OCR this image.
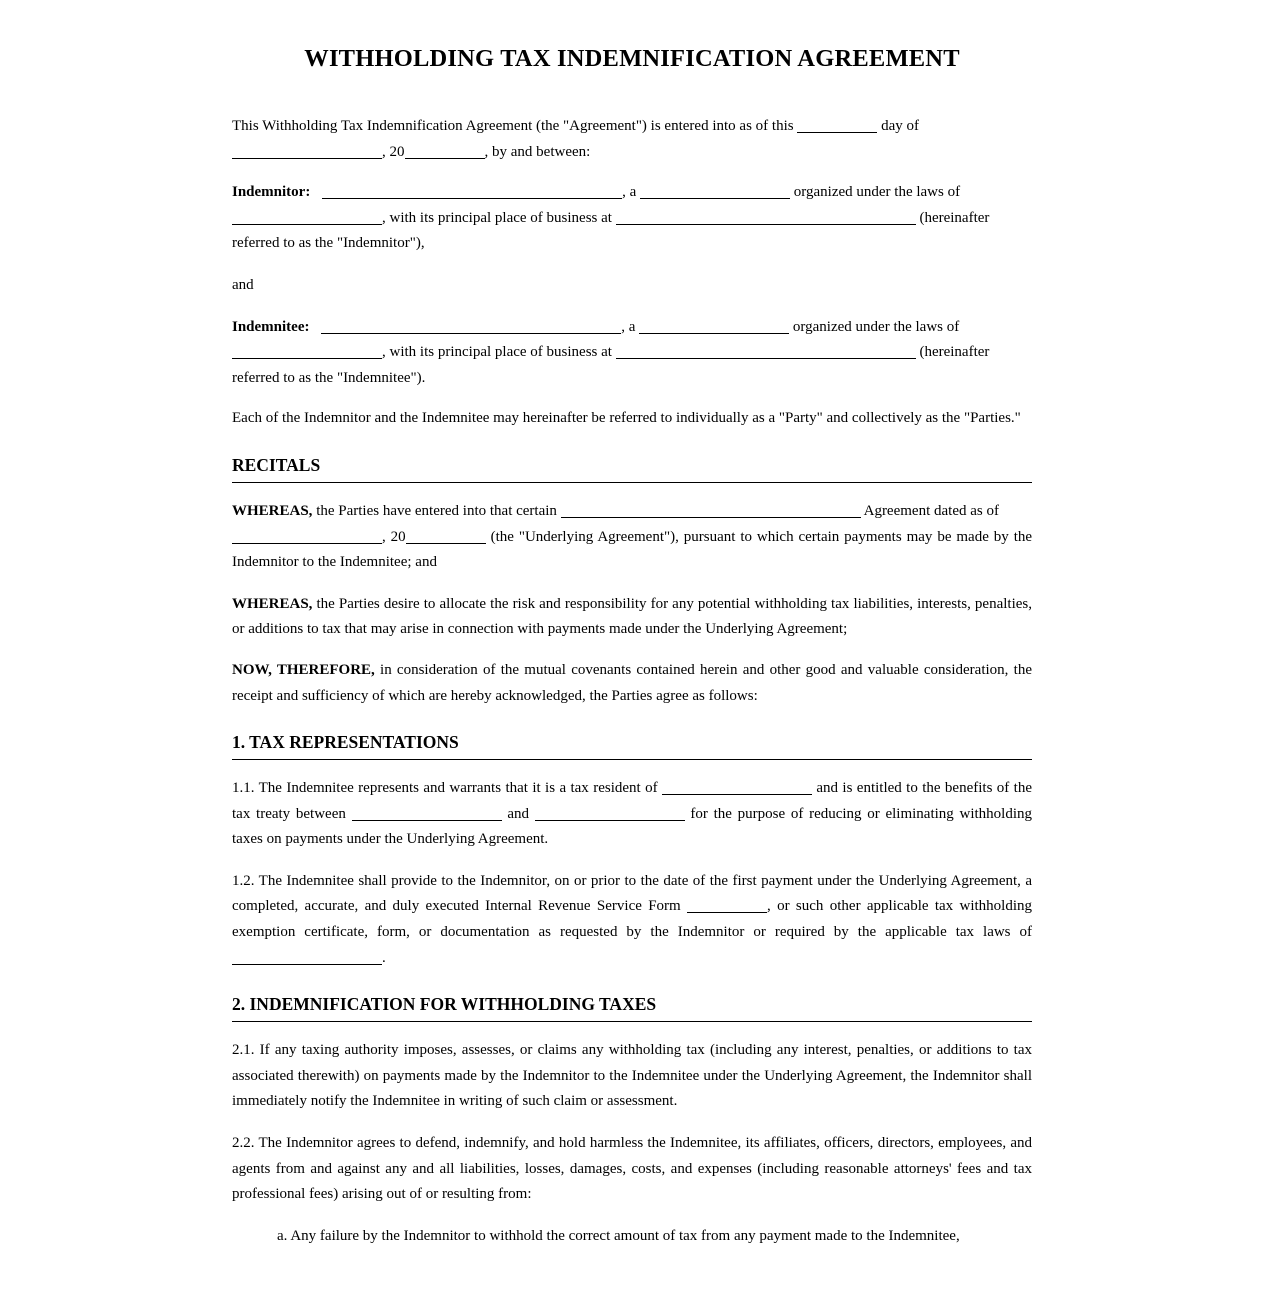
WITHHOLDING TAX INDEMNIFICATION AGREEMENT

This Withholding Tax Indemnification Agreement (the "Agreement") is entered into as of this	day of
, 20	, by and between:

Indemnitor:	, a	organized under the laws of
, with its principal place of business at	(hereinafter
referred to as the "Indemnitor"),

and

Indemnitee:	, a	organized under the laws of
, with its principal place of business at	(hereinafter
referred to as the "Indemnitee").

Each of the Indemnitor and the Indemnitee may hereinafter be referred to individually as a "Party" and collectively as the "Parties."

RECITALS

WHEREAS, the Parties have entered into that certain	Agreement dated as of
, 20	(the "Underlying Agreement"), pursuant to which certain payments may be made by the Indemnitor to the Indemnitee; and

WHEREAS, the Parties desire to allocate the risk and responsibility for any potential withholding tax liabilities, interests, penalties, or additions to tax that may arise in connection with payments made under the Underlying Agreement;

NOW, THEREFORE, in consideration of the mutual covenants contained herein and other good and valuable consideration, the receipt and sufficiency of which are hereby acknowledged, the Parties agree as follows:

1. TAX REPRESENTATIONS

1.1. The Indemnitee represents and warrants that it is a tax resident of	and is entitled to the benefits of the tax treaty between	and	for the purpose of reducing or eliminating withholding taxes on payments under the Underlying Agreement.

1.2. The Indemnitee shall provide to the Indemnitor, on or prior to the date of the first payment under the Underlying Agreement, a completed, accurate, and duly executed Internal Revenue Service Form	, or such other applicable tax withholding exemption certificate, form, or documentation as requested by the Indemnitor or required by the applicable tax laws of .

2. INDEMNIFICATION FOR WITHHOLDING TAXES

2.1. If any taxing authority imposes, assesses, or claims any withholding tax (including any interest, penalties, or additions to tax associated therewith) on payments made by the Indemnitor to the Indemnitee under the Underlying Agreement, the Indemnitor shall immediately notify the Indemnitee in writing of such claim or assessment.

2.2. The Indemnitor agrees to defend, indemnify, and hold harmless the Indemnitee, its affiliates, officers, directors, employees, and agents from and against any and all liabilities, losses, damages, costs, and expenses (including reasonable attorneys' fees and tax professional fees) arising out of or resulting from:

a. Any failure by the Indemnitor to withhold the correct amount of tax from any payment made to the Indemnitee,
